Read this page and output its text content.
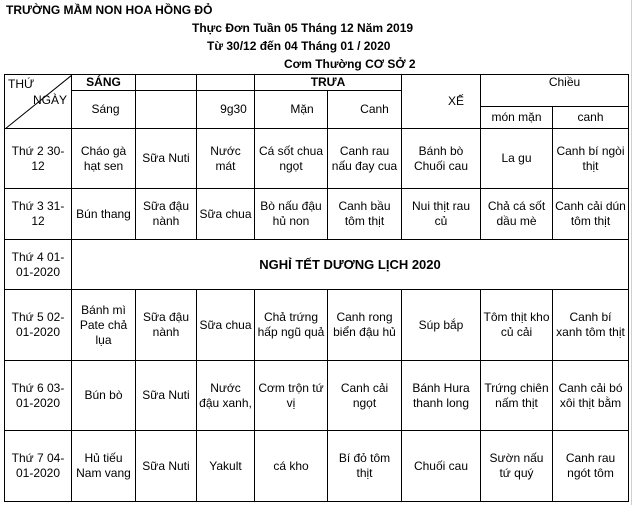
TRƯỜNG MẦM NON HOA HỒNG ĐỎ
Thực Đơn Tuần 05 Tháng 12 Năm 2019
Từ 30/12 đến 04 Tháng 01 / 2020
Cơm Thường CƠ SỞ 2
THỨ
NGÀY	SÁNG			TRƯA		XẾ	Chiều	
	Sáng		9g30	Mặn	Canh			
							món mặn	canh
Thứ 2 30-12	Cháo gà hạt sen	Sữa Nuti	Nước mát	Cá sốt chua ngọt	Canh rau nấu đay cua	Bánh bò Chuối cau	La gu	Canh bí ngòi thịt
Thứ 3 31-12	Bún thang	Sữa đậu nành	Sữa chua	Bò nấu đậu hủ non	Canh bầu tôm thịt	Nui thịt rau củ	Chả cá sốt dầu mè	Canh cải dún tôm thịt
Thứ 4 01-01-2020	NGHỈ TẾT DƯƠNG LỊCH 2020							
Thứ 5 02-01-2020	Bánh mì Pate chả lụa	Sữa đậu nành	Sữa chua	Chả trứng hấp ngũ quả	Canh rong biển đậu hủ	Súp bắp	Tôm thịt kho củ cải	Canh bí xanh tôm thịt
Thứ 6 03-01-2020	Bún bò	Sữa Nuti	Nước đậu xanh,	Cơm trộn tứ vị	Canh cải ngọt	Bánh Hura thanh long	Trứng chiên nấm thịt	Canh cải bó xôi thịt bằm
Thứ 7 04-01-2020	Hủ tiếu Nam vang	Sữa Nuti	Yakult	cá kho	Bí đỏ tôm thịt	Chuối cau	Sườn nấu tứ quý	Canh rau ngót tôm
